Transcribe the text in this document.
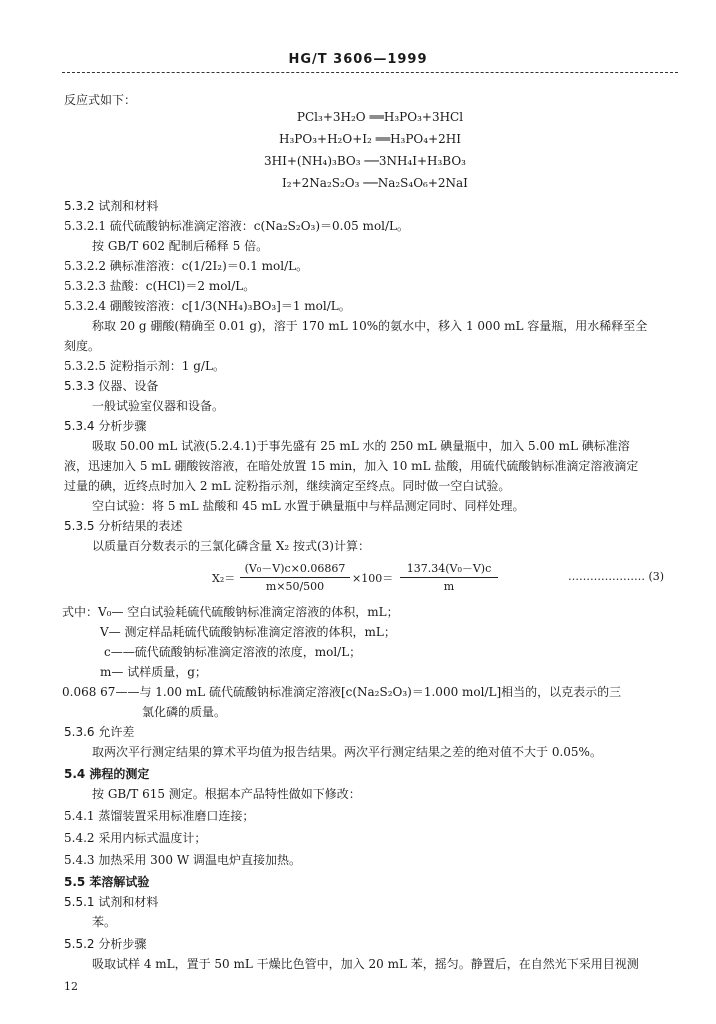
HG/T 3606—1999
反应式如下：
PCl₃+3H₂O ══H₃PO₃+3HCl
H₃PO₃+H₂O+I₂ ══H₃PO₄+2HI
3HI+(NH₄)₃BO₃ ──3NH₄I+H₃BO₃
I₂+2Na₂S₂O₃ ──Na₂S₄O₆+2NaI
5.3.2 试剂和材料
5.3.2.1 硫代硫酸钠标准滴定溶液：c(Na₂S₂O₃)＝0.05 mol/L。
按 GB/T 602 配制后稀释 5 倍。
5.3.2.2 碘标准溶液：c(1/2I₂)＝0.1 mol/L。
5.3.2.3 盐酸：c(HCl)＝2 mol/L。
5.3.2.4 硼酸铵溶液：c[1/3(NH₄)₃BO₃]＝1 mol/L。
称取 20 g 硼酸(精确至 0.01 g)，溶于 170 mL 10%的氨水中，移入 1 000 mL 容量瓶，用水稀释至全
刻度。
5.3.2.5 淀粉指示剂：1 g/L。
5.3.3 仪器、设备
一般试验室仪器和设备。
5.3.4 分析步骤
吸取 50.00 mL 试液(5.2.4.1)于事先盛有 25 mL 水的 250 mL 碘量瓶中，加入 5.00 mL 碘标准溶
液，迅速加入 5 mL 硼酸铵溶液，在暗处放置 15 min，加入 10 mL 盐酸，用硫代硫酸钠标准滴定溶液滴定
过量的碘，近终点时加入 2 mL 淀粉指示剂，继续滴定至终点。同时做一空白试验。
空白试验：将 5 mL 盐酸和 45 mL 水置于碘量瓶中与样品测定同时、同样处理。
5.3.5 分析结果的表述
以质量百分数表示的三氯化磷含量 X₂ 按式(3)计算：
X₂＝
(V₀－V)c×0.06867
m×50/500
×100＝
137.34(V₀－V)c
m
………………… (3)
式中：V₀— 空白试验耗硫代硫酸钠标准滴定溶液的体积，mL；
V— 测定样品耗硫代硫酸钠标准滴定溶液的体积，mL；
c——硫代硫酸钠标准滴定溶液的浓度，mol/L；
m— 试样质量，g；
0.068 67——与 1.00 mL 硫代硫酸钠标准滴定溶液[c(Na₂S₂O₃)＝1.000 mol/L]相当的，以克表示的三
氯化磷的质量。
5.3.6 允许差
取两次平行测定结果的算术平均值为报告结果。两次平行测定结果之差的绝对值不大于 0.05%。
5.4 沸程的测定
按 GB/T 615 测定。根据本产品特性做如下修改：
5.4.1 蒸馏装置采用标准磨口连接；
5.4.2 采用内标式温度计；
5.4.3 加热采用 300 W 调温电炉直接加热。
5.5 苯溶解试验
5.5.1 试剂和材料
苯。
5.5.2 分析步骤
吸取试样 4 mL，置于 50 mL 干燥比色管中，加入 20 mL 苯，摇匀。静置后，在自然光下采用目视测
12
